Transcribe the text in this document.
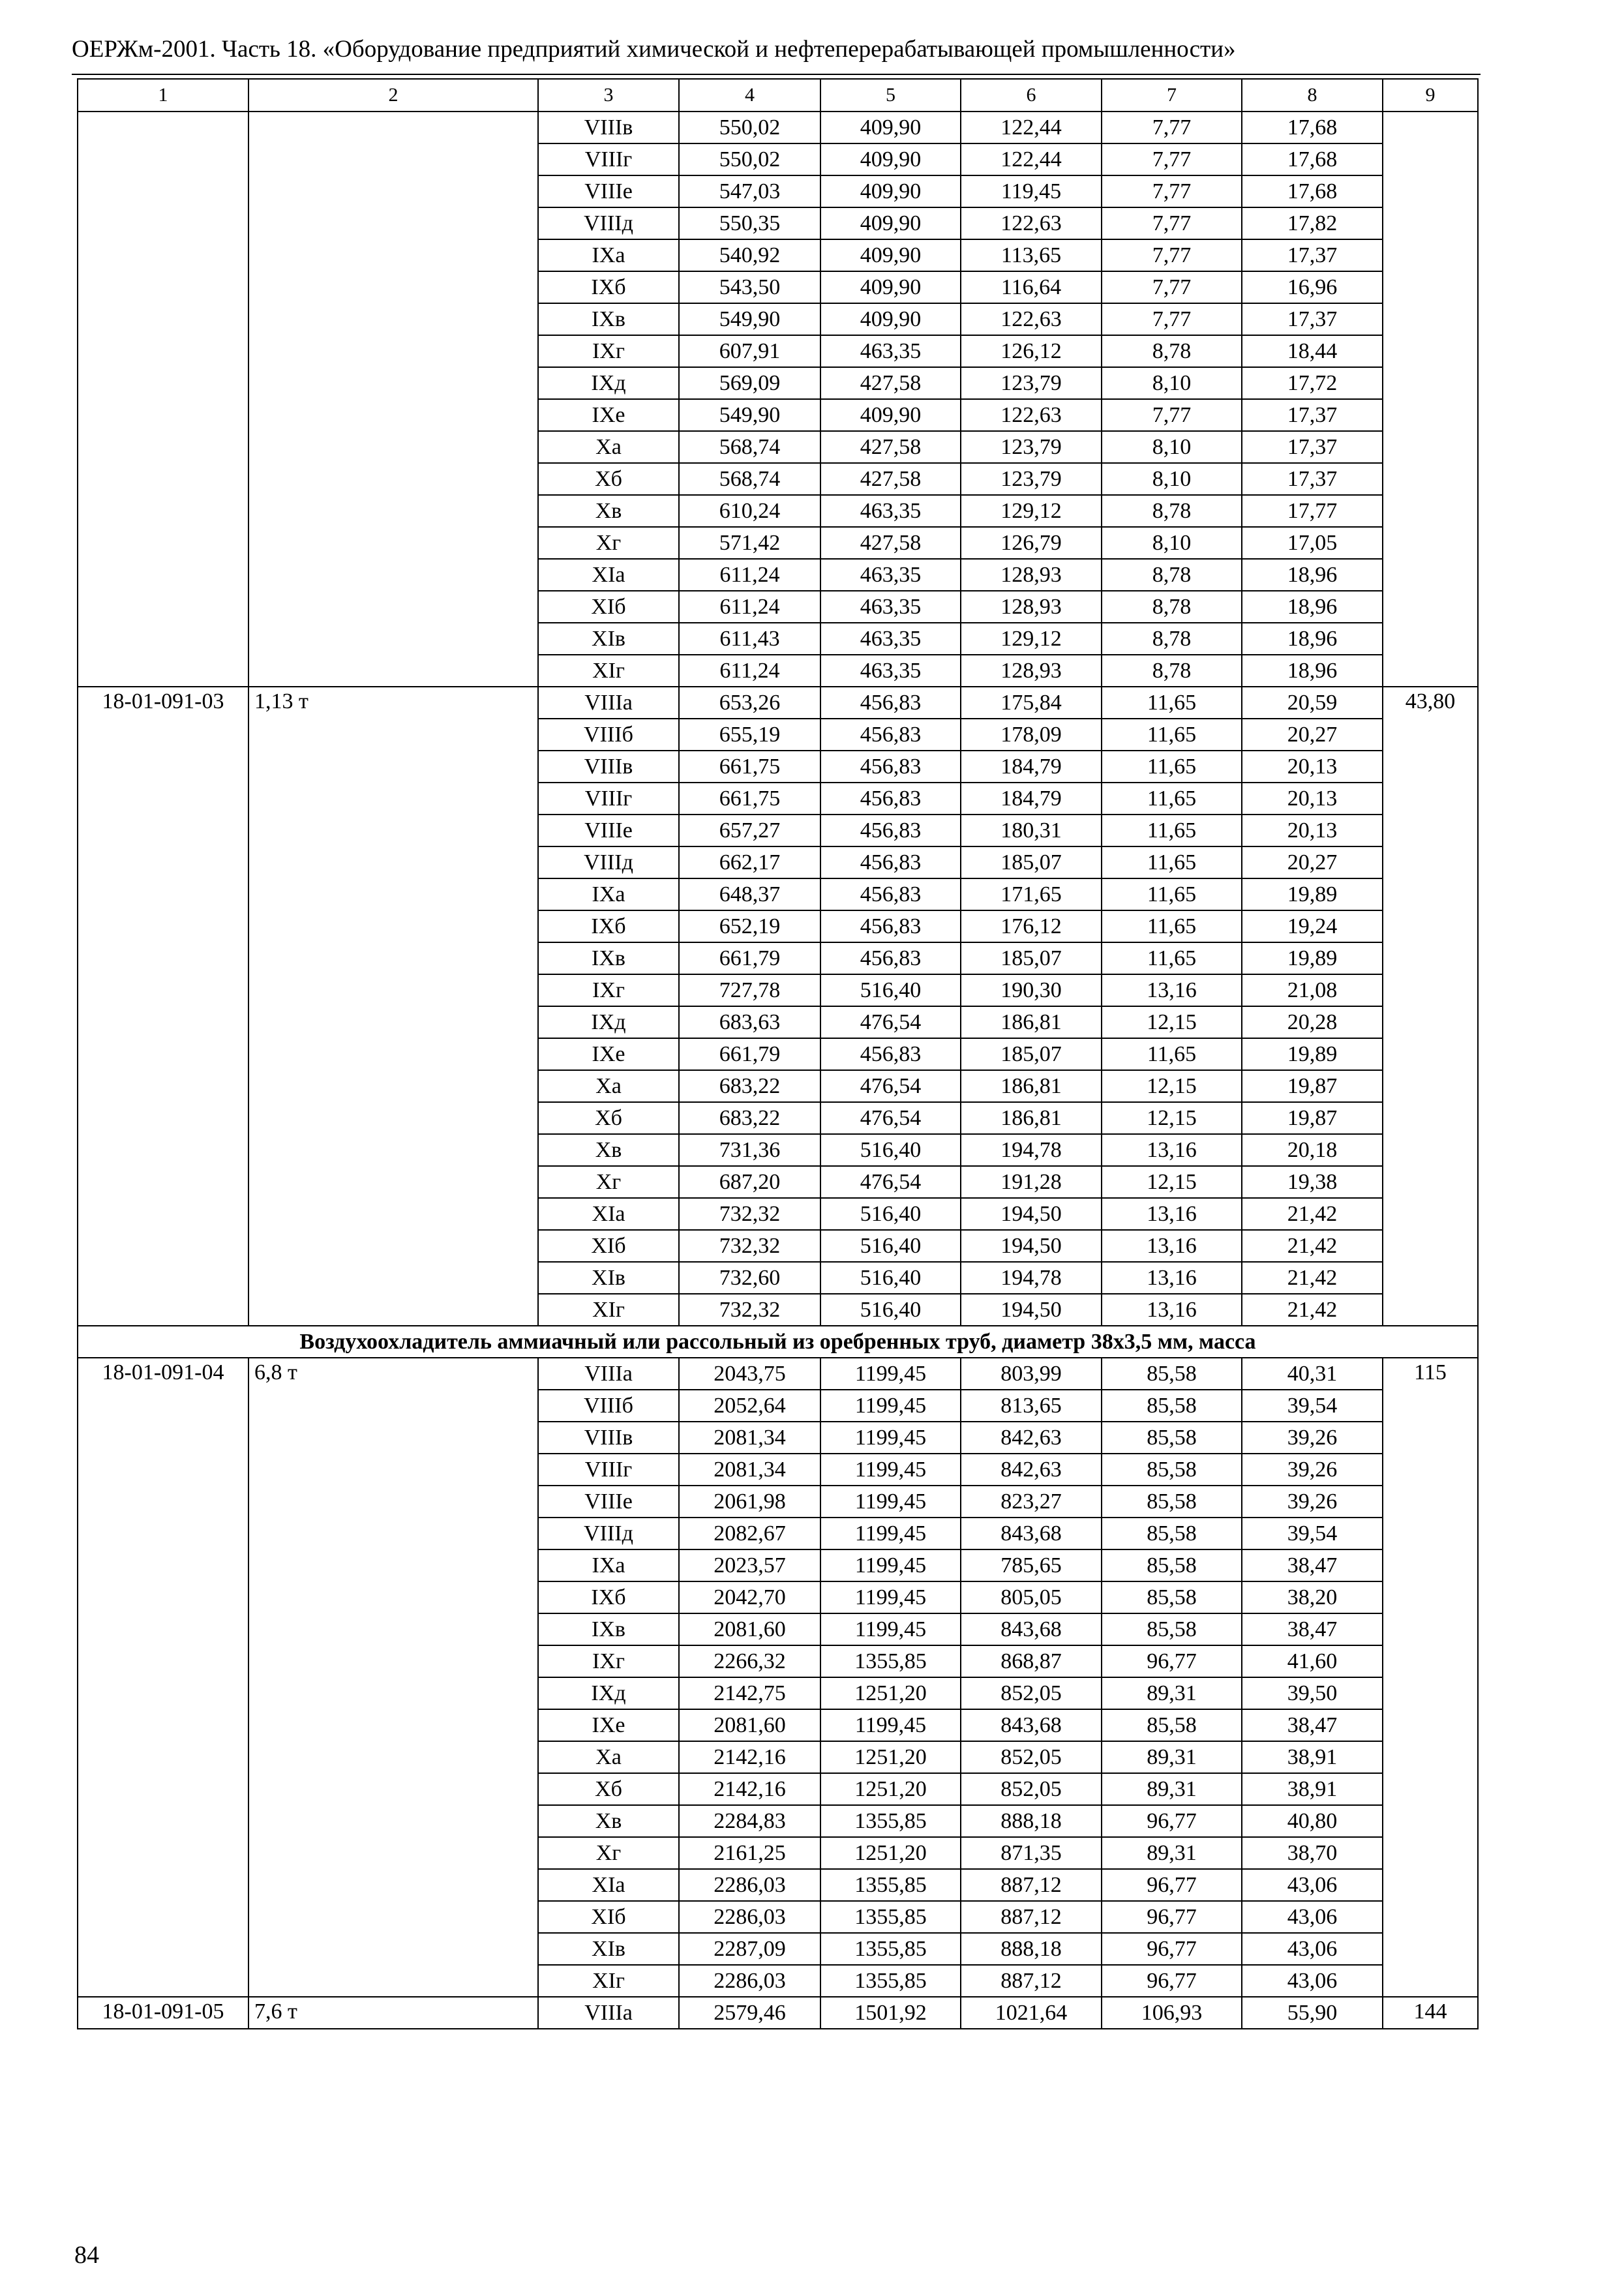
ОЕРЖм-2001. Часть 18. «Оборудование предприятий химической и нефтеперерабатывающей промышленности»
1	2	3	4	5	6	7	8	9
		VIIIв	550,02	409,90	122,44	7,77	17,68	
		VIIIг	550,02	409,90	122,44	7,77	17,68	
		VIIIе	547,03	409,90	119,45	7,77	17,68	
		VIIIд	550,35	409,90	122,63	7,77	17,82	
		IXа	540,92	409,90	113,65	7,77	17,37	
		IXб	543,50	409,90	116,64	7,77	16,96	
		IXв	549,90	409,90	122,63	7,77	17,37	
		IXг	607,91	463,35	126,12	8,78	18,44	
		IXд	569,09	427,58	123,79	8,10	17,72	
		IXе	549,90	409,90	122,63	7,77	17,37	
		Xа	568,74	427,58	123,79	8,10	17,37	
		Xб	568,74	427,58	123,79	8,10	17,37	
		Xв	610,24	463,35	129,12	8,78	17,77	
		Xг	571,42	427,58	126,79	8,10	17,05	
		XIа	611,24	463,35	128,93	8,78	18,96	
		XIб	611,24	463,35	128,93	8,78	18,96	
		XIв	611,43	463,35	129,12	8,78	18,96	
		XIг	611,24	463,35	128,93	8,78	18,96	
18-01-091-03	1,13 т	VIIIа	653,26	456,83	175,84	11,65	20,59	43,80
		VIIIб	655,19	456,83	178,09	11,65	20,27	
		VIIIв	661,75	456,83	184,79	11,65	20,13	
		VIIIг	661,75	456,83	184,79	11,65	20,13	
		VIIIе	657,27	456,83	180,31	11,65	20,13	
		VIIIд	662,17	456,83	185,07	11,65	20,27	
		IXа	648,37	456,83	171,65	11,65	19,89	
		IXб	652,19	456,83	176,12	11,65	19,24	
		IXв	661,79	456,83	185,07	11,65	19,89	
		IXг	727,78	516,40	190,30	13,16	21,08	
		IXд	683,63	476,54	186,81	12,15	20,28	
		IXе	661,79	456,83	185,07	11,65	19,89	
		Xа	683,22	476,54	186,81	12,15	19,87	
		Xб	683,22	476,54	186,81	12,15	19,87	
		Xв	731,36	516,40	194,78	13,16	20,18	
		Xг	687,20	476,54	191,28	12,15	19,38	
		XIа	732,32	516,40	194,50	13,16	21,42	
		XIб	732,32	516,40	194,50	13,16	21,42	
		XIв	732,60	516,40	194,78	13,16	21,42	
		XIг	732,32	516,40	194,50	13,16	21,42	
Воздухоохладитель аммиачный или рассольный из оребренных труб, диаметр 38х3,5 мм, масса								
18-01-091-04	6,8 т	VIIIа	2043,75	1199,45	803,99	85,58	40,31	115
		VIIIб	2052,64	1199,45	813,65	85,58	39,54	
		VIIIв	2081,34	1199,45	842,63	85,58	39,26	
		VIIIг	2081,34	1199,45	842,63	85,58	39,26	
		VIIIе	2061,98	1199,45	823,27	85,58	39,26	
		VIIIд	2082,67	1199,45	843,68	85,58	39,54	
		IXа	2023,57	1199,45	785,65	85,58	38,47	
		IXб	2042,70	1199,45	805,05	85,58	38,20	
		IXв	2081,60	1199,45	843,68	85,58	38,47	
		IXг	2266,32	1355,85	868,87	96,77	41,60	
		IXд	2142,75	1251,20	852,05	89,31	39,50	
		IXе	2081,60	1199,45	843,68	85,58	38,47	
		Xа	2142,16	1251,20	852,05	89,31	38,91	
		Xб	2142,16	1251,20	852,05	89,31	38,91	
		Xв	2284,83	1355,85	888,18	96,77	40,80	
		Xг	2161,25	1251,20	871,35	89,31	38,70	
		XIа	2286,03	1355,85	887,12	96,77	43,06	
		XIб	2286,03	1355,85	887,12	96,77	43,06	
		XIв	2287,09	1355,85	888,18	96,77	43,06	
		XIг	2286,03	1355,85	887,12	96,77	43,06	
18-01-091-05	7,6 т	VIIIа	2579,46	1501,92	1021,64	106,93	55,90	144
84
